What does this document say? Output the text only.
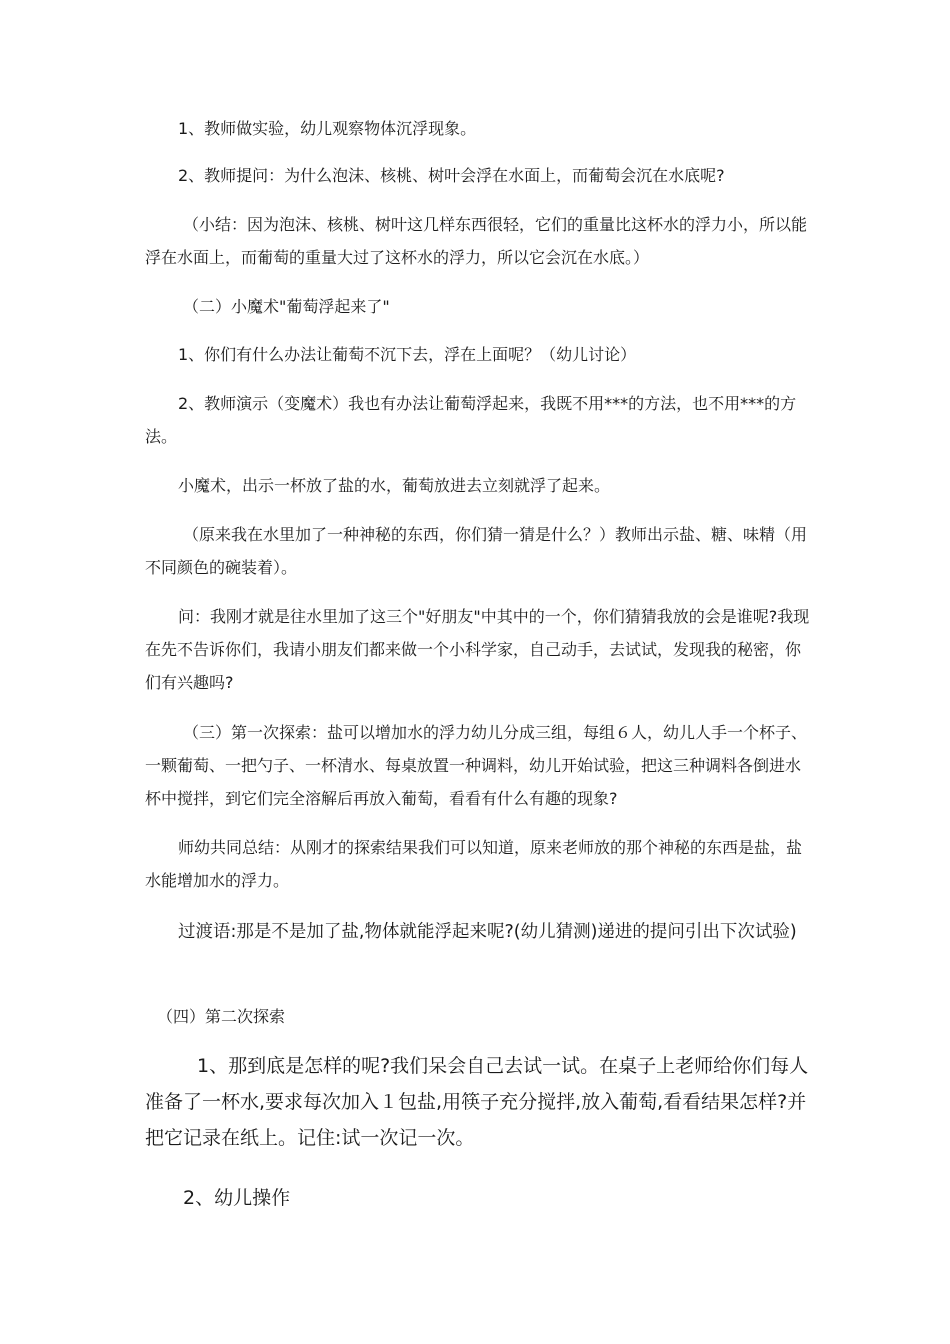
1、教师做实验，幼儿观察物体沉浮现象。

2、教师提问：为什么泡沫、核桃、树叶会浮在水面上，而葡萄会沉在水底呢?

（小结：因为泡沫、核桃、树叶这几样东西很轻，它们的重量比这杯水的浮力小，所以能浮在水面上，而葡萄的重量大过了这杯水的浮力，所以它会沉在水底。）

（二）小魔术"葡萄浮起来了"

1、你们有什么办法让葡萄不沉下去，浮在上面呢？（幼儿讨论）

2、教师演示（变魔术）我也有办法让葡萄浮起来，我既不用***的方法，也不用***的方法。

小魔术，出示一杯放了盐的水，葡萄放进去立刻就浮了起来。

（原来我在水里加了一种神秘的东西，你们猜一猜是什么？）教师出示盐、糖、味精（用不同颜色的碗装着）。

问：我刚才就是往水里加了这三个"好朋友"中其中的一个，你们猜猜我放的会是谁呢?我现在先不告诉你们，我请小朋友们都来做一个小科学家，自己动手，去试试，发现我的秘密，你们有兴趣吗?

（三）第一次探索：盐可以增加水的浮力幼儿分成三组，每组６人，幼儿人手一个杯子、一颗葡萄、一把勺子、一杯清水、每桌放置一种调料，幼儿开始试验，把这三种调料各倒进水杯中搅拌，到它们完全溶解后再放入葡萄，看看有什么有趣的现象?

师幼共同总结：从刚才的探索结果我们可以知道，原来老师放的那个神秘的东西是盐，盐水能增加水的浮力。

过渡语:那是不是加了盐,物体就能浮起来呢?(幼儿猜测)递进的提问引出下次试验)

（四）第二次探索

1、那到底是怎样的呢?我们呆会自己去试一试。在桌子上老师给你们每人准备了一杯水,要求每次加入１包盐,用筷子充分搅拌,放入葡萄,看看结果怎样?并把它记录在纸上。记住:试一次记一次。

2、幼儿操作
